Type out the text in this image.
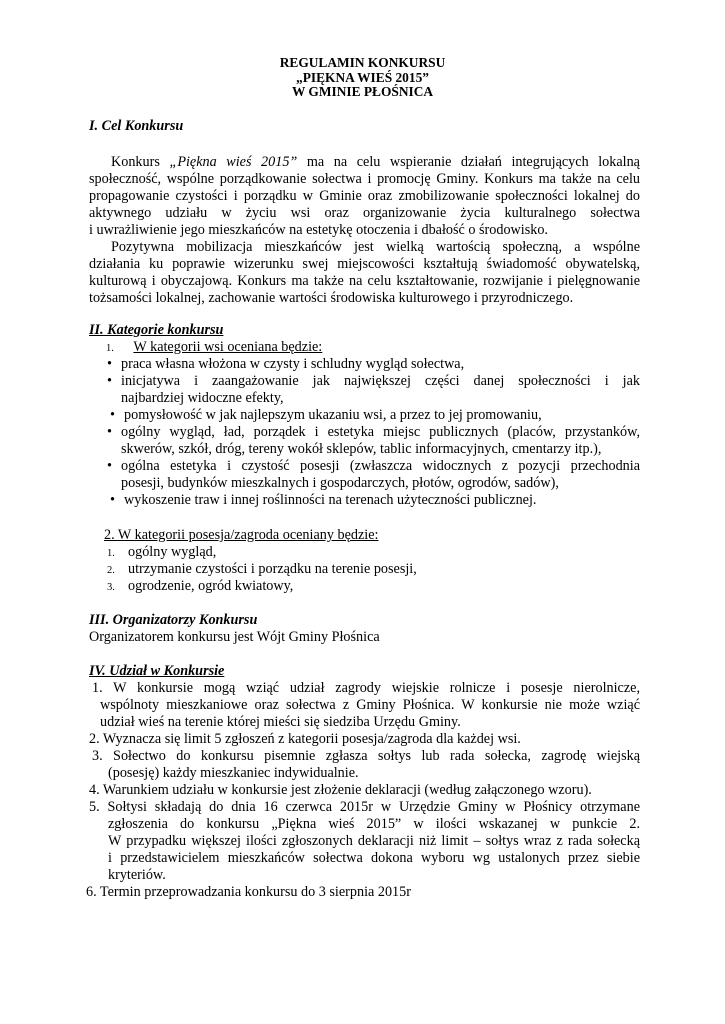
REGULAMIN KONKURSU
„PIĘKNA WIEŚ 2015”
W GMINIE PŁOŚNICA
I. Cel Konkursu
Konkurs „Piękna wieś 2015” ma na celu wspieranie działań integrujących lokalną
społeczność, wspólne porządkowanie sołectwa i promocję Gminy. Konkurs ma także na celu
propagowanie czystości i porządku w Gminie oraz zmobilizowanie społeczności lokalnej do
aktywnego udziału w życiu wsi oraz organizowanie życia kulturalnego sołectwa
i uwrażliwienie jego mieszkańców na estetykę otoczenia i dbałość o środowisko.
Pozytywna mobilizacja mieszkańców jest wielką wartością społeczną, a wspólne
działania ku poprawie wizerunku swej miejscowości kształtują świadomość obywatelską,
kulturową i obyczajową. Konkurs ma także na celu kształtowanie, rozwijanie i pielęgnowanie
tożsamości lokalnej, zachowanie wartości środowiska kulturowego i przyrodniczego.
II. Kategorie konkursu
1. W kategorii wsi oceniana będzie:
• praca własna włożona w czysty i schludny wygląd sołectwa,
• inicjatywa i zaangażowanie jak największej części danej społeczności i jak
najbardziej widoczne efekty,
• pomysłowość w jak najlepszym ukazaniu wsi, a przez to jej promowaniu,
• ogólny wygląd, ład, porządek i estetyka miejsc publicznych (placów, przystanków,
skwerów, szkół, dróg, tereny wokół sklepów, tablic informacyjnych, cmentarzy itp.),
• ogólna estetyka i czystość posesji (zwłaszcza widocznych z pozycji przechodnia
posesji, budynków mieszkalnych i gospodarczych, płotów, ogrodów, sadów),
• wykoszenie traw i innej roślinności na terenach użyteczności publicznej.
2. W kategorii posesja/zagroda oceniany będzie:
1. ogólny wygląd,
2. utrzymanie czystości i porządku na terenie posesji,
3. ogrodzenie, ogród kwiatowy,
III. Organizatorzy Konkursu
Organizatorem konkursu jest Wójt Gminy Płośnica
IV. Udział w Konkursie
1. W konkursie mogą wziąć udział zagrody wiejskie rolnicze i posesje nierolnicze,
wspólnoty mieszkaniowe oraz sołectwa z Gminy Płośnica. W konkursie nie może wziąć
udział wieś na terenie której mieści się siedziba Urzędu Gminy.
2. Wyznacza się limit 5 zgłoszeń z kategorii posesja/zagroda dla każdej wsi.
3. Sołectwo do konkursu pisemnie zgłasza sołtys lub rada sołecka, zagrodę wiejską
(posesję) każdy mieszkaniec indywidualnie.
4. Warunkiem udziału w konkursie jest złożenie deklaracji (według załączonego wzoru).
5. Sołtysi składają do dnia 16 czerwca 2015r w Urzędzie Gminy w Płośnicy otrzymane
zgłoszenia do konkursu „Piękna wieś 2015” w ilości wskazanej w punkcie 2.
W przypadku większej ilości zgłoszonych deklaracji niż limit – sołtys wraz z rada sołecką
i przedstawicielem mieszkańców sołectwa dokona wyboru wg ustalonych przez siebie
kryteriów.
6. Termin przeprowadzania konkursu do 3 sierpnia 2015r
